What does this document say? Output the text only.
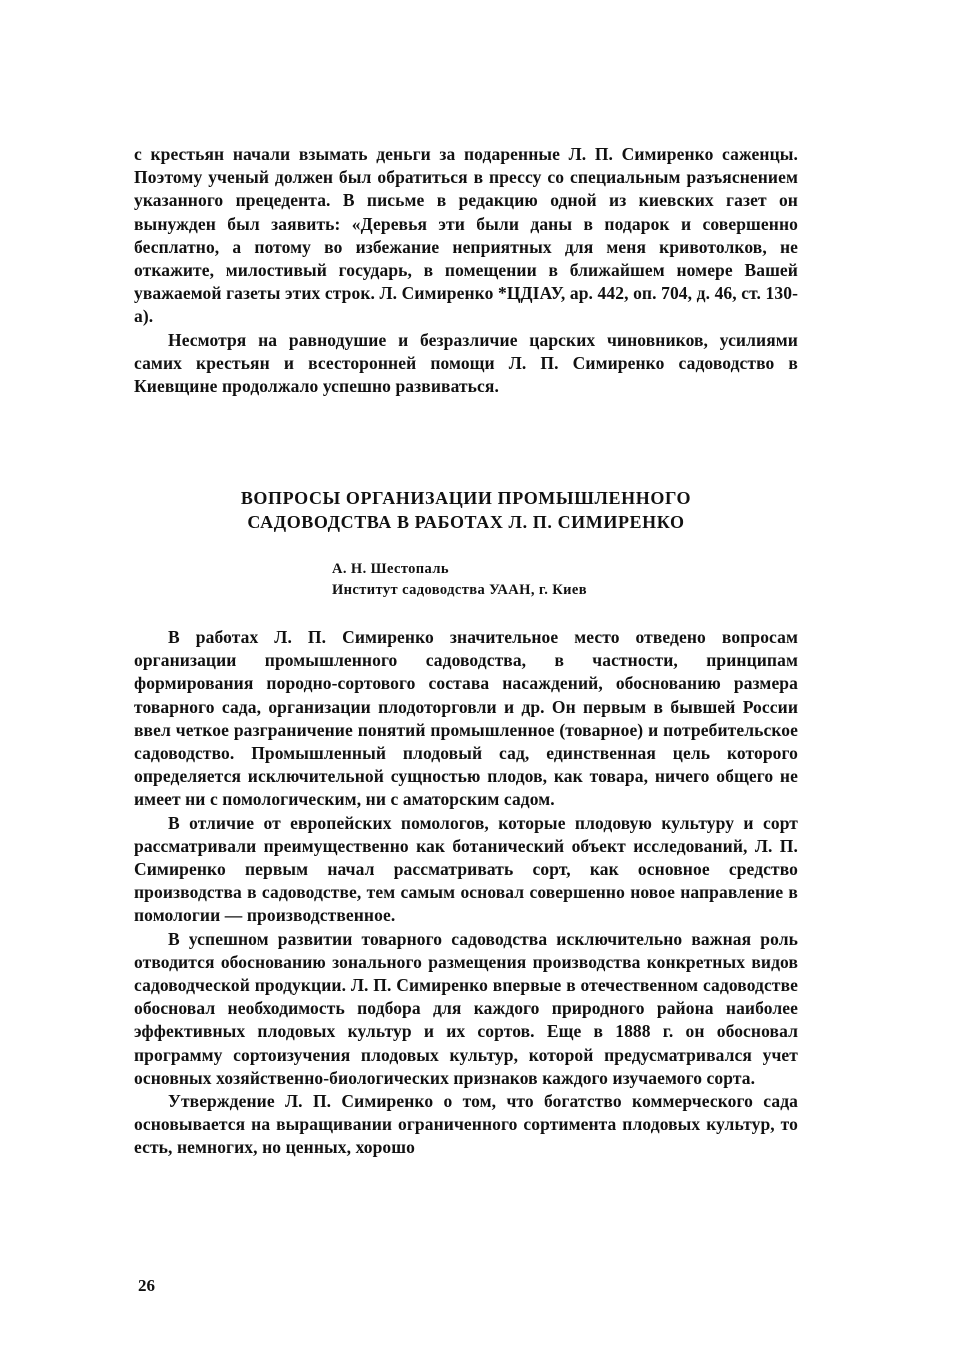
с крестьян начали взымать деньги за подаренные Л. П. Симиренко саженцы. Поэтому ученый должен был обратиться в прессу со специальным разъяснением указанного прецедента. В письме в редакцию одной из киевских газет он вынужден был заявить: «Деревья эти были даны в подарок и совершенно бесплатно, а потому во избежание неприятных для меня кривотолков, не откажите, милостивый государь, в помещении в ближайшем номере Вашей уважаемой газеты этих строк. Л. Симиренко *ЦДІАУ, ар. 442, оп. 704, д. 46, ст. 130-а).

Несмотря на равнодушие и безразличие царских чиновников, усилиями самих крестьян и всесторонней помощи Л. П. Симиренко садоводство в Киевщине продолжало успешно развиваться.

ВОПРОСЫ ОРГАНИЗАЦИИ ПРОМЫШЛЕННОГО
САДОВОДСТВА В РАБОТАХ Л. П. СИМИРЕНКО
А. Н. Шестопаль
Институт садоводства УААН, г. Киев

В работах Л. П. Симиренко значительное место отведено вопросам организации промышленного садоводства, в частности, принципам формирования породно-сортового состава насаждений, обоснованию размера товарного сада, организации плодоторговли и др. Он первым в бывшей России ввел четкое разграничение понятий промышленное (товарное) и потребительское садоводство. Промышленный плодовый сад, единственная цель которого определяется исключительной сущностью плодов, как товара, ничего общего не имеет ни с помологическим, ни с аматорским садом.

В отличие от европейских помологов, которые плодовую культуру и сорт рассматривали преимущественно как ботанический объект исследований, Л. П. Симиренко первым начал рассматривать сорт, как основное средство производства в садоводстве, тем самым основал совершенно новое направление в помологии — производственное.

В успешном развитии товарного садоводства исключительно важная роль отводится обоснованию зонального размещения производства конкретных видов садоводческой продукции. Л. П. Симиренко впервые в отечественном садоводстве обосновал необходимость подбора для каждого природного района наиболее эффективных плодовых культур и их сортов. Еще в 1888 г. он обосновал программу сортоизучения плодовых культур, которой предусматривался учет основных хозяйственно-биологических признаков каждого изучаемого сорта.

Утверждение Л. П. Симиренко о том, что богатство коммерческого сада основывается на выращивании ограниченного сортимента плодовых культур, то есть, немногих, но ценных, хорошо

26
